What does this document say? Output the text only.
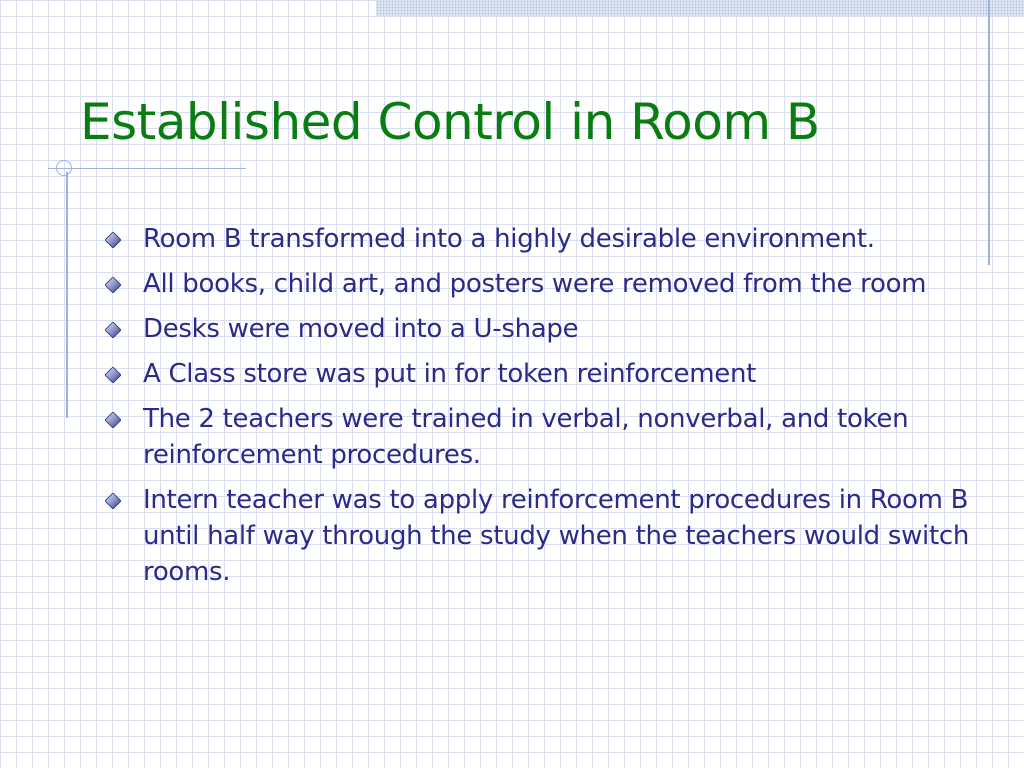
Established Control in Room B
Room B transformed into a highly desirable environment.
All books, child art, and posters were removed from the room
Desks were moved into a U-shape
A Class store was put in for token reinforcement
The 2 teachers were trained in verbal, nonverbal, and token reinforcement procedures.
Intern teacher was to apply reinforcement procedures in Room B until half way through the study when the teachers would switch rooms.
